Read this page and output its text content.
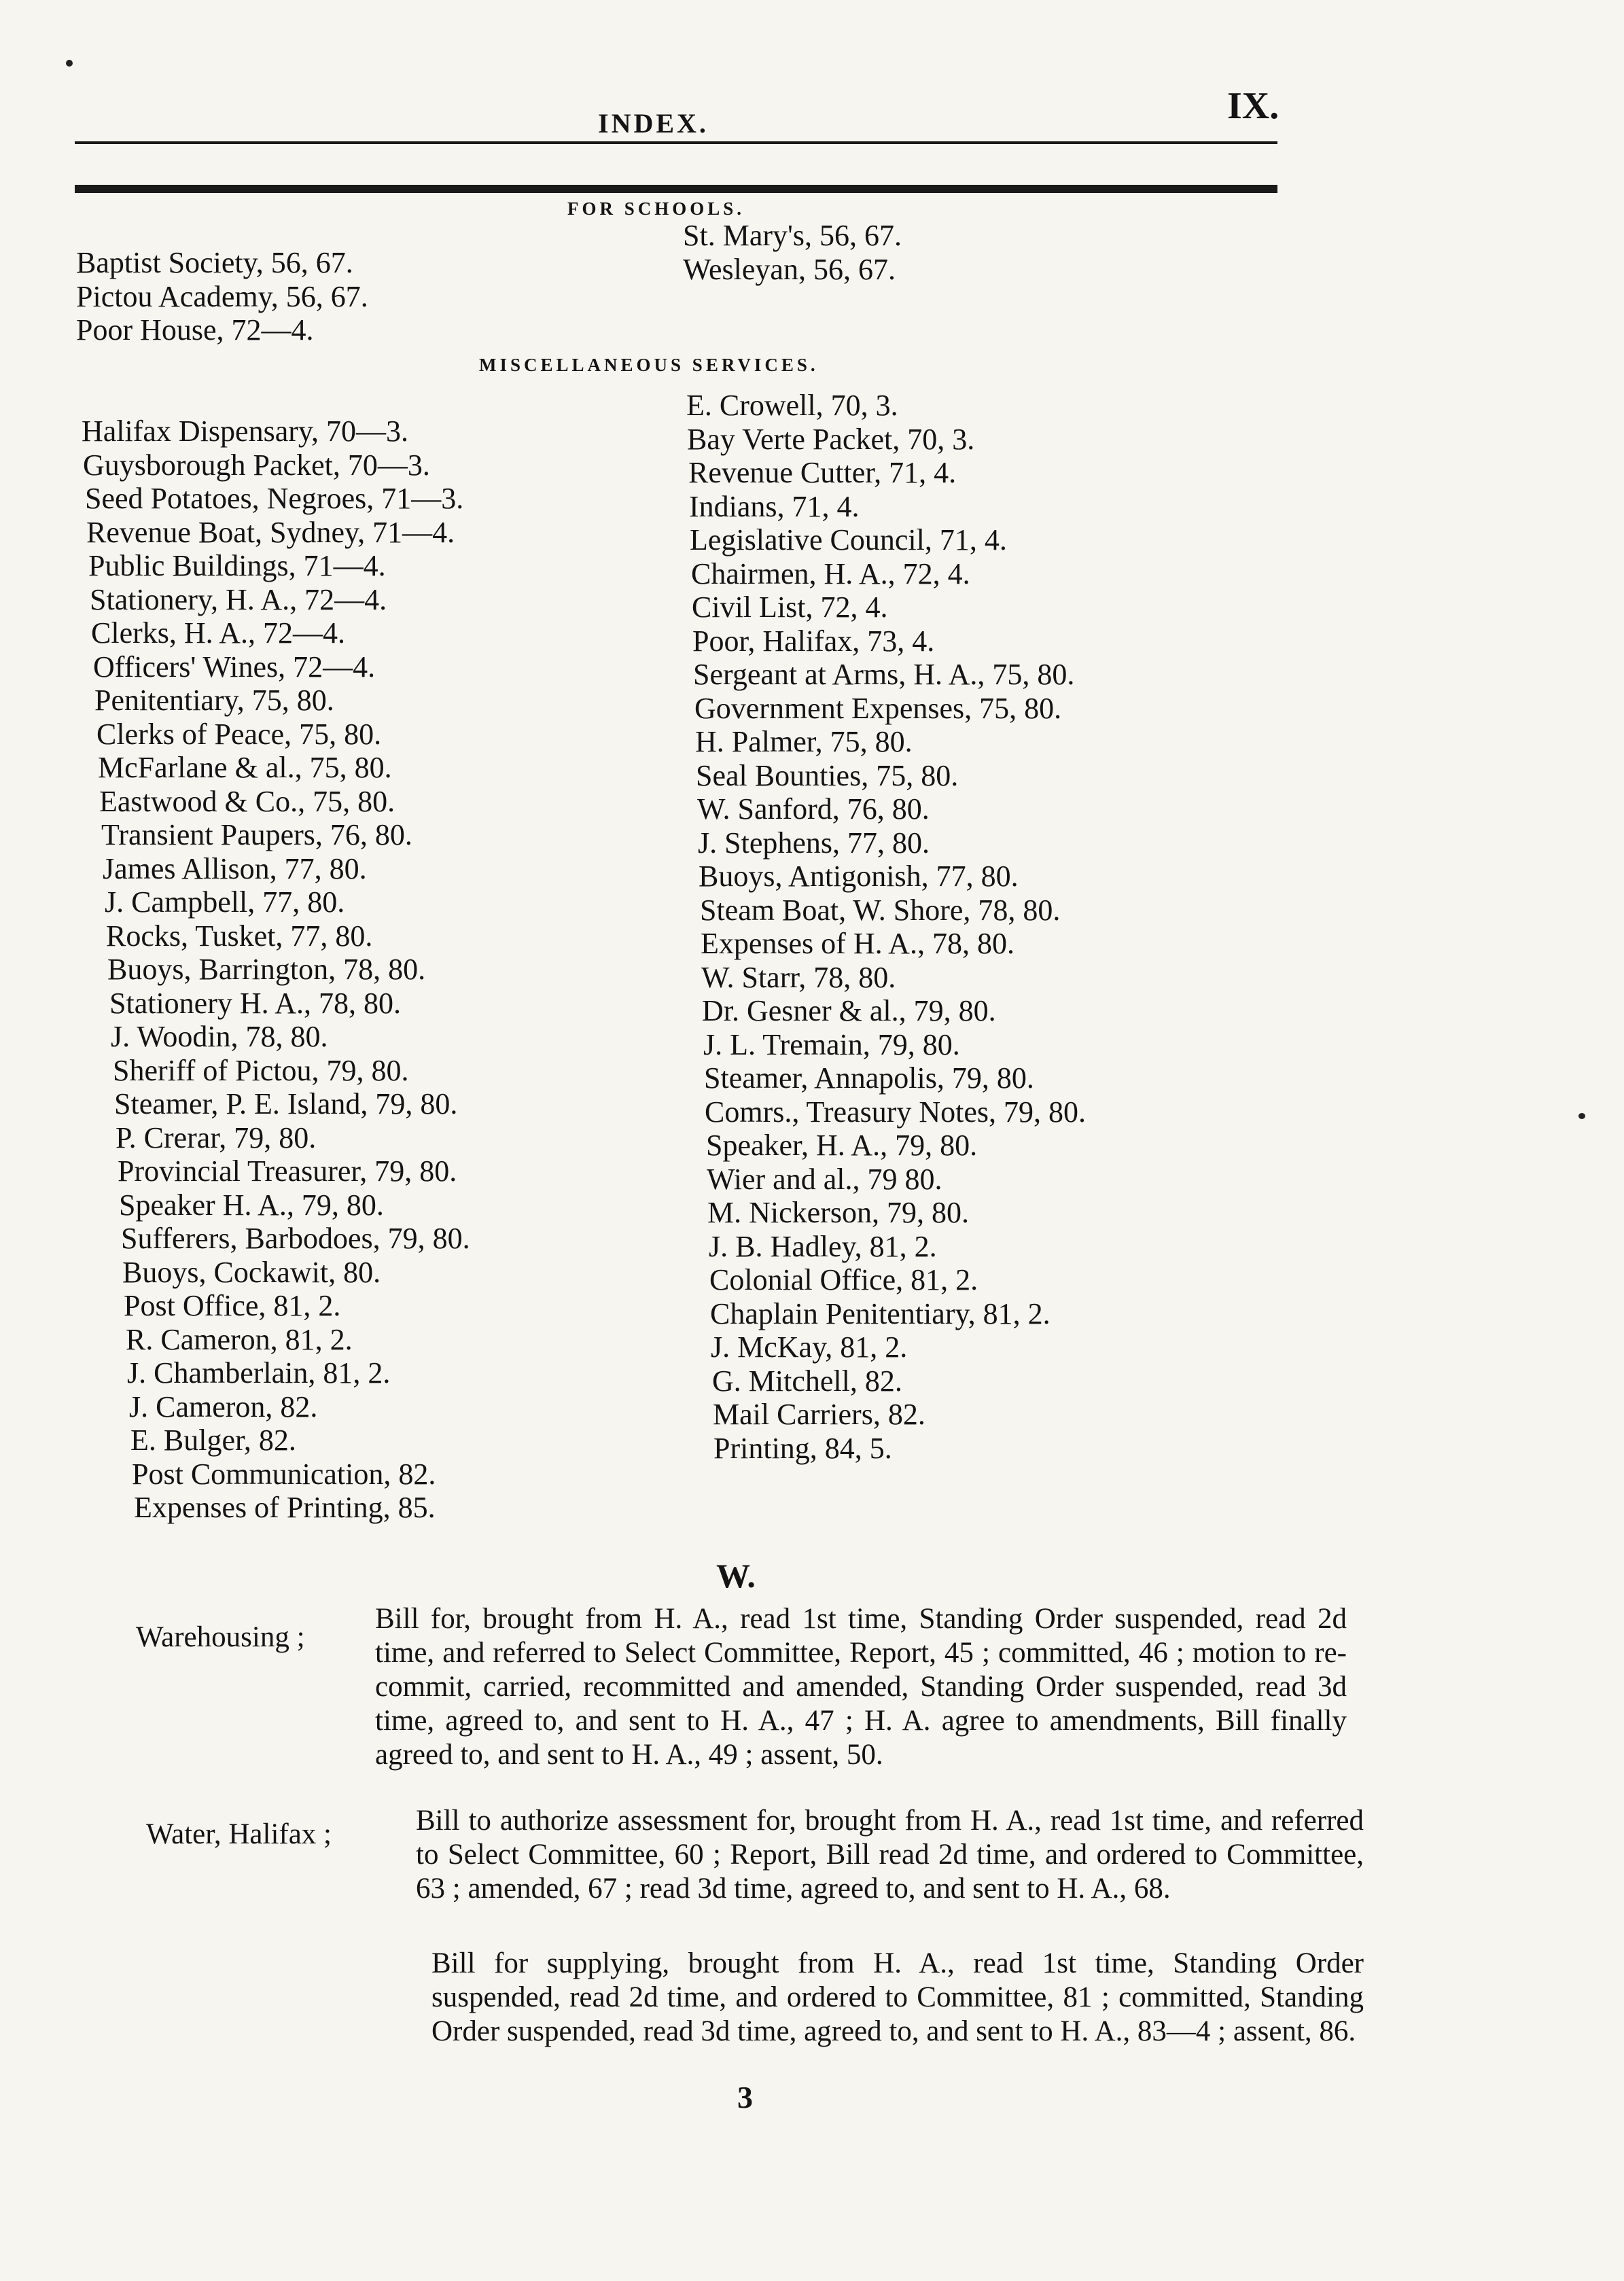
INDEX.	IX.
FOR SCHOOLS.
Baptist Society, 56, 67.
Pictou Academy, 56, 67.
Poor House, 72—4.
St. Mary's, 56, 67.
Wesleyan, 56, 67.
MISCELLANEOUS SERVICES.
Halifax Dispensary, 70—3.
Guysborough Packet, 70—3.
Seed Potatoes, Negroes, 71—3.
Revenue Boat, Sydney, 71—4.
Public Buildings, 71—4.
Stationery, H. A., 72—4.
Clerks, H. A., 72—4.
Officers' Wines, 72—4.
Penitentiary, 75, 80.
Clerks of Peace, 75, 80.
McFarlane & al., 75, 80.
Eastwood & Co., 75, 80.
Transient Paupers, 76, 80.
James Allison, 77, 80.
J. Campbell, 77, 80.
Rocks, Tusket, 77, 80.
Buoys, Barrington, 78, 80.
Stationery H. A., 78, 80.
J. Woodin, 78, 80.
Sheriff of Pictou, 79, 80.
Steamer, P. E. Island, 79, 80.
P. Crerar, 79, 80.
Provincial Treasurer, 79, 80.
Speaker H. A., 79, 80.
Sufferers, Barbodoes, 79, 80.
Buoys, Cockawit, 80.
Post Office, 81, 2.
R. Cameron, 81, 2.
J. Chamberlain, 81, 2.
J. Cameron, 82.
E. Bulger, 82.
Post Communication, 82.
Expenses of Printing, 85.
E. Crowell, 70, 3.
Bay Verte Packet, 70, 3.
Revenue Cutter, 71, 4.
Indians, 71, 4.
Legislative Council, 71, 4.
Chairmen, H. A., 72, 4.
Civil List, 72, 4.
Poor, Halifax, 73, 4.
Sergeant at Arms, H. A., 75, 80.
Government Expenses, 75, 80.
H. Palmer, 75, 80.
Seal Bounties, 75, 80.
W. Sanford, 76, 80.
J. Stephens, 77, 80.
Buoys, Antigonish, 77, 80.
Steam Boat, W. Shore, 78, 80.
Expenses of H. A., 78, 80.
W. Starr, 78, 80.
Dr. Gesner & al., 79, 80.
J. L. Tremain, 79, 80.
Steamer, Annapolis, 79, 80.
Comrs., Treasury Notes, 79, 80.
Speaker, H. A., 79, 80.
Wier and al., 79 80.
M. Nickerson, 79, 80.
J. B. Hadley, 81, 2.
Colonial Office, 81, 2.
Chaplain Penitentiary, 81, 2.
J. McKay, 81, 2.
G. Mitchell, 82.
Mail Carriers, 82.
Printing, 84, 5.
W.
Warehousing ;
Bill for, brought from H. A., read 1st time, Standing Order suspended, read 2d time, and referred to Select Committee, Report, 45 ; committed, 46 ; motion to re-commit, carried, recommitted and amended, Standing Order suspended, read 3d time, agreed to, and sent to H. A., 47 ; H. A. agree to amendments, Bill finally agreed to, and sent to H. A., 49 ; assent, 50.
Water, Halifax ;	Bill to authorize assessment for, brought from H. A., read 1st time, and referred to Select Committee, 60 ; Report, Bill read 2d time, and ordered to Committee, 63 ; amended, 67 ; read 3d time, agreed to, and sent to H. A., 68.
Bill for supplying, brought from H. A., read 1st time, Standing Order suspended, read 2d time, and ordered to Committee, 81 ; committed, Standing Order suspended, read 3d time, agreed to, and sent to H. A., 83—4 ; assent, 86.
3
